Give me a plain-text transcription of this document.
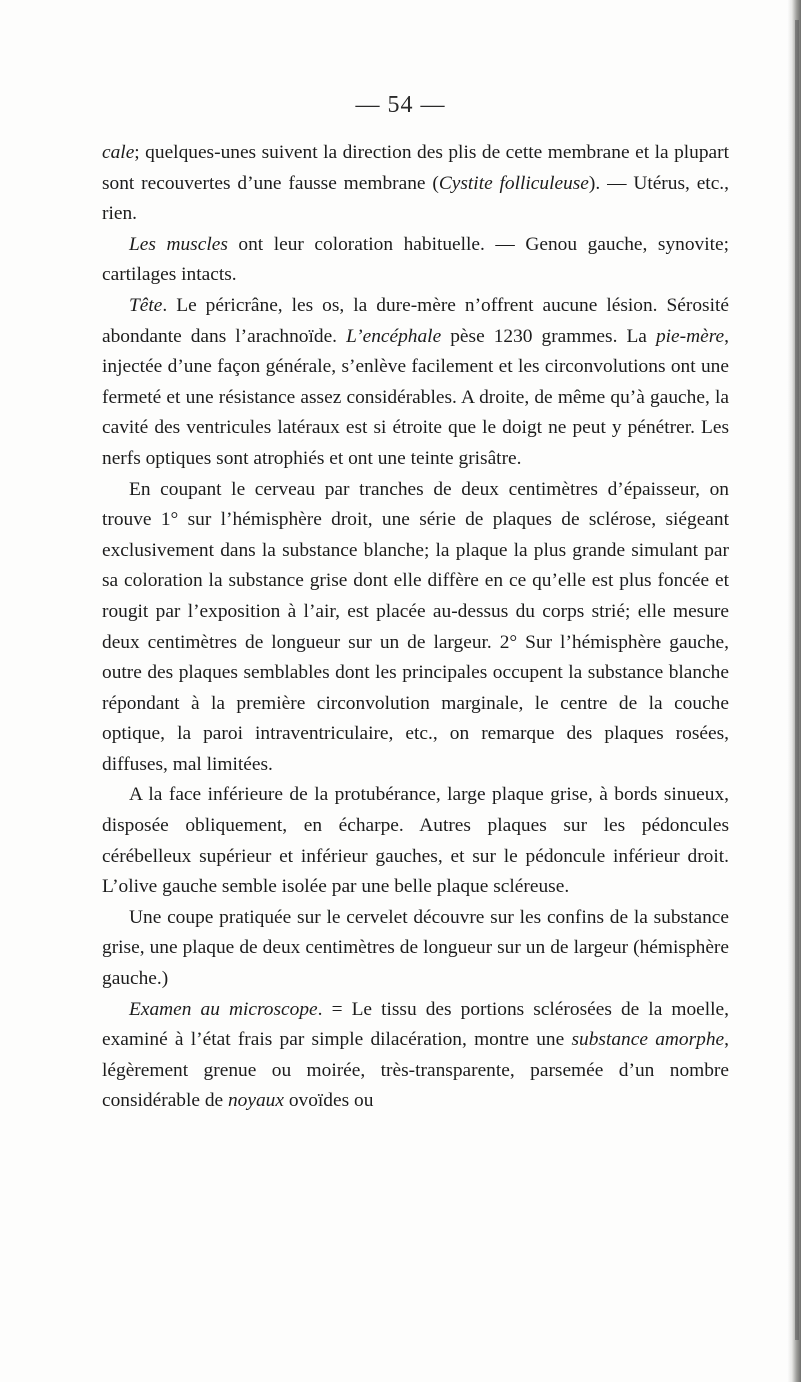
— 54 —

cale; quelques-unes suivent la direction des plis de cette membrane et la plupart sont recouvertes d’une fausse membrane (Cystite folliculeuse). — Utérus, etc., rien.

Les muscles ont leur coloration habituelle. — Genou gauche, synovite; cartilages intacts.

Tête. Le péricrâne, les os, la dure-mère n’offrent aucune lésion. Sérosité abondante dans l’arachnoïde. L’encéphale pèse 1230 grammes. La pie-mère, injectée d’une façon générale, s’enlève facilement et les circonvolutions ont une fermeté et une résistance assez considérables. A droite, de même qu’à gauche, la cavité des ventricules latéraux est si étroite que le doigt ne peut y pénétrer. Les nerfs optiques sont atrophiés et ont une teinte grisâtre.

En coupant le cerveau par tranches de deux centimètres d’épaisseur, on trouve 1° sur l’hémisphère droit, une série de plaques de sclérose, siégeant exclusivement dans la substance blanche; la plaque la plus grande simulant par sa coloration la substance grise dont elle diffère en ce qu’elle est plus foncée et rougit par l’exposition à l’air, est placée au-dessus du corps strié; elle mesure deux centimètres de longueur sur un de largeur. 2° Sur l’hémisphère gauche, outre des plaques semblables dont les principales occupent la substance blanche répondant à la première circonvolution marginale, le centre de la couche optique, la paroi intraventriculaire, etc., on remarque des plaques rosées, diffuses, mal limitées.

A la face inférieure de la protubérance, large plaque grise, à bords sinueux, disposée obliquement, en écharpe. Autres plaques sur les pédoncules cérébelleux supérieur et inférieur gauches, et sur le pédoncule inférieur droit. L’olive gauche semble isolée par une belle plaque scléreuse.

Une coupe pratiquée sur le cervelet découvre sur les confins de la substance grise, une plaque de deux centimètres de longueur sur un de largeur (hémisphère gauche.)

Examen au microscope. = Le tissu des portions sclérosées de la moelle, examiné à l’état frais par simple dilacération, montre une substance amorphe, légèrement grenue ou moirée, très-transparente, parsemée d’un nombre considérable de noyaux ovoïdes ou
